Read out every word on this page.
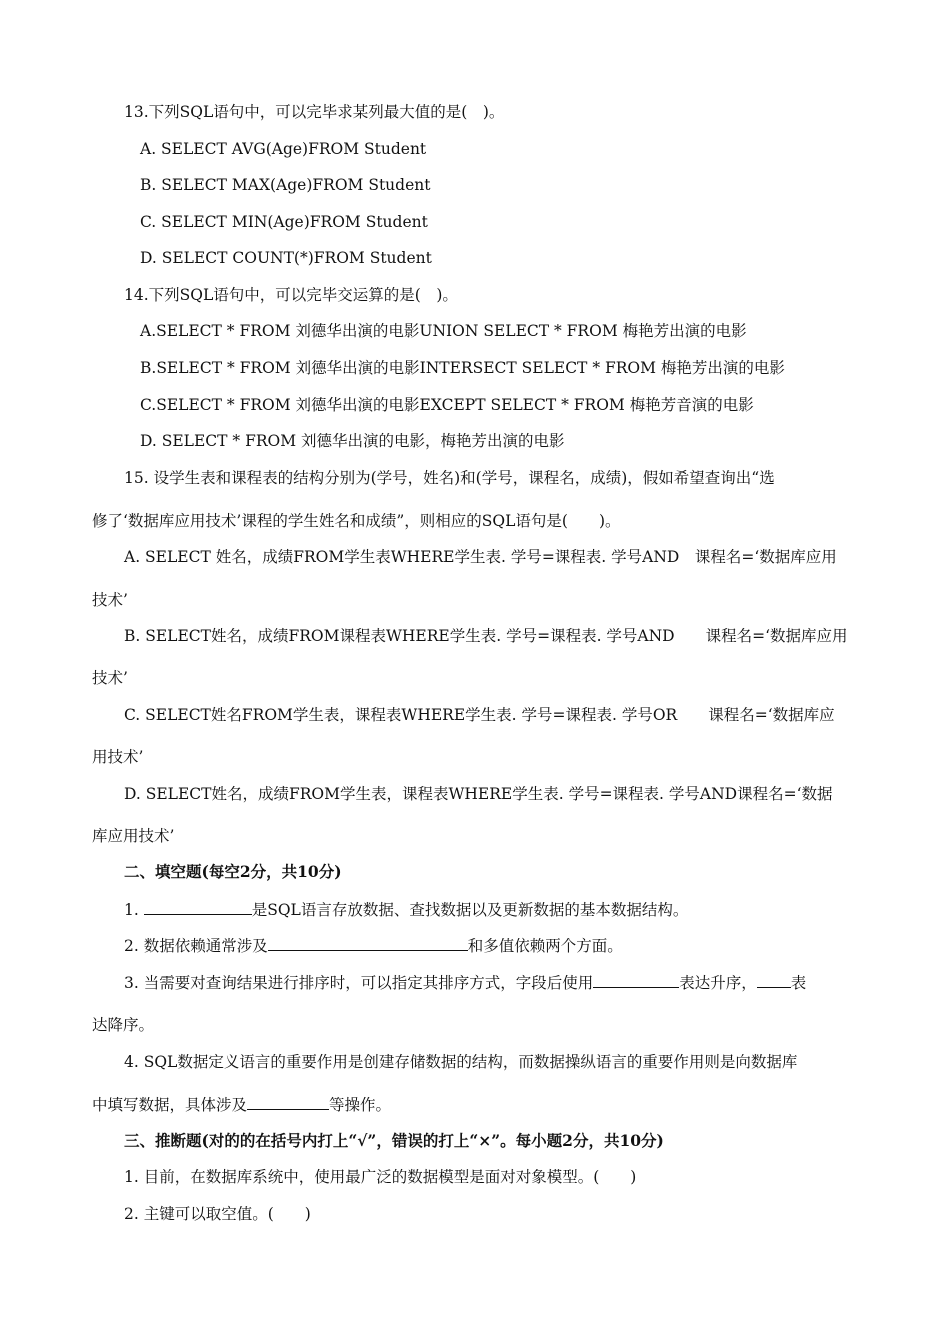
13.下列SQL语句中，可以完毕求某列最大值的是(　)。
A. SELECT AVG(Age)FROM Student
B. SELECT MAX(Age)FROM Student
C. SELECT MIN(Age)FROM Student
D. SELECT COUNT(*)FROM Student
14.下列SQL语句中，可以完毕交运算的是(　)。
A.SELECT * FROM 刘德华出演的电影UNION SELECT * FROM 梅艳芳出演的电影
B.SELECT * FROM 刘德华出演的电影INTERSECT SELECT * FROM 梅艳芳出演的电影
C.SELECT * FROM 刘德华出演的电影EXCEPT SELECT * FROM 梅艳芳音演的电影
D. SELECT * FROM 刘德华出演的电影，梅艳芳出演的电影
15. 设学生表和课程表的结构分别为(学号，姓名)和(学号，课程名，成绩)，假如希望查询出“选
修了‘数据库应用技术’课程的学生姓名和成绩”，则相应的SQL语句是(　　)。
A. SELECT 姓名，成绩FROM学生表WHERE学生表. 学号=课程表. 学号AND　课程名=‘数据库应用
技术’
B. SELECT姓名，成绩FROM课程表WHERE学生表. 学号=课程表. 学号AND　　课程名=‘数据库应用
技术’
C. SELECT姓名FROM学生表，课程表WHERE学生表. 学号=课程表. 学号OR　　课程名=‘数据库应
用技术’
D. SELECT姓名，成绩FROM学生表，课程表WHERE学生表. 学号=课程表. 学号AND课程名=‘数据
库应用技术’
二、填空题(每空2分，共10分)
1.	是SQL语言存放数据、查找数据以及更新数据的基本数据结构。
2. 数据依赖通常涉及	和多值依赖两个方面。
3. 当需要对查询结果进行排序时，可以指定其排序方式，字段后使用	表达升序， 表
达降序。
4. SQL数据定义语言的重要作用是创建存储数据的结构，而数据操纵语言的重要作用则是向数据库
中填写数据，具体涉及	等操作。
三、推断题(对的的在括号内打上“√”，错误的打上“×”。每小题2分，共10分)
1. 目前，在数据库系统中，使用最广泛的数据模型是面对对象模型。(　　)
2. 主键可以取空值。(　　)
